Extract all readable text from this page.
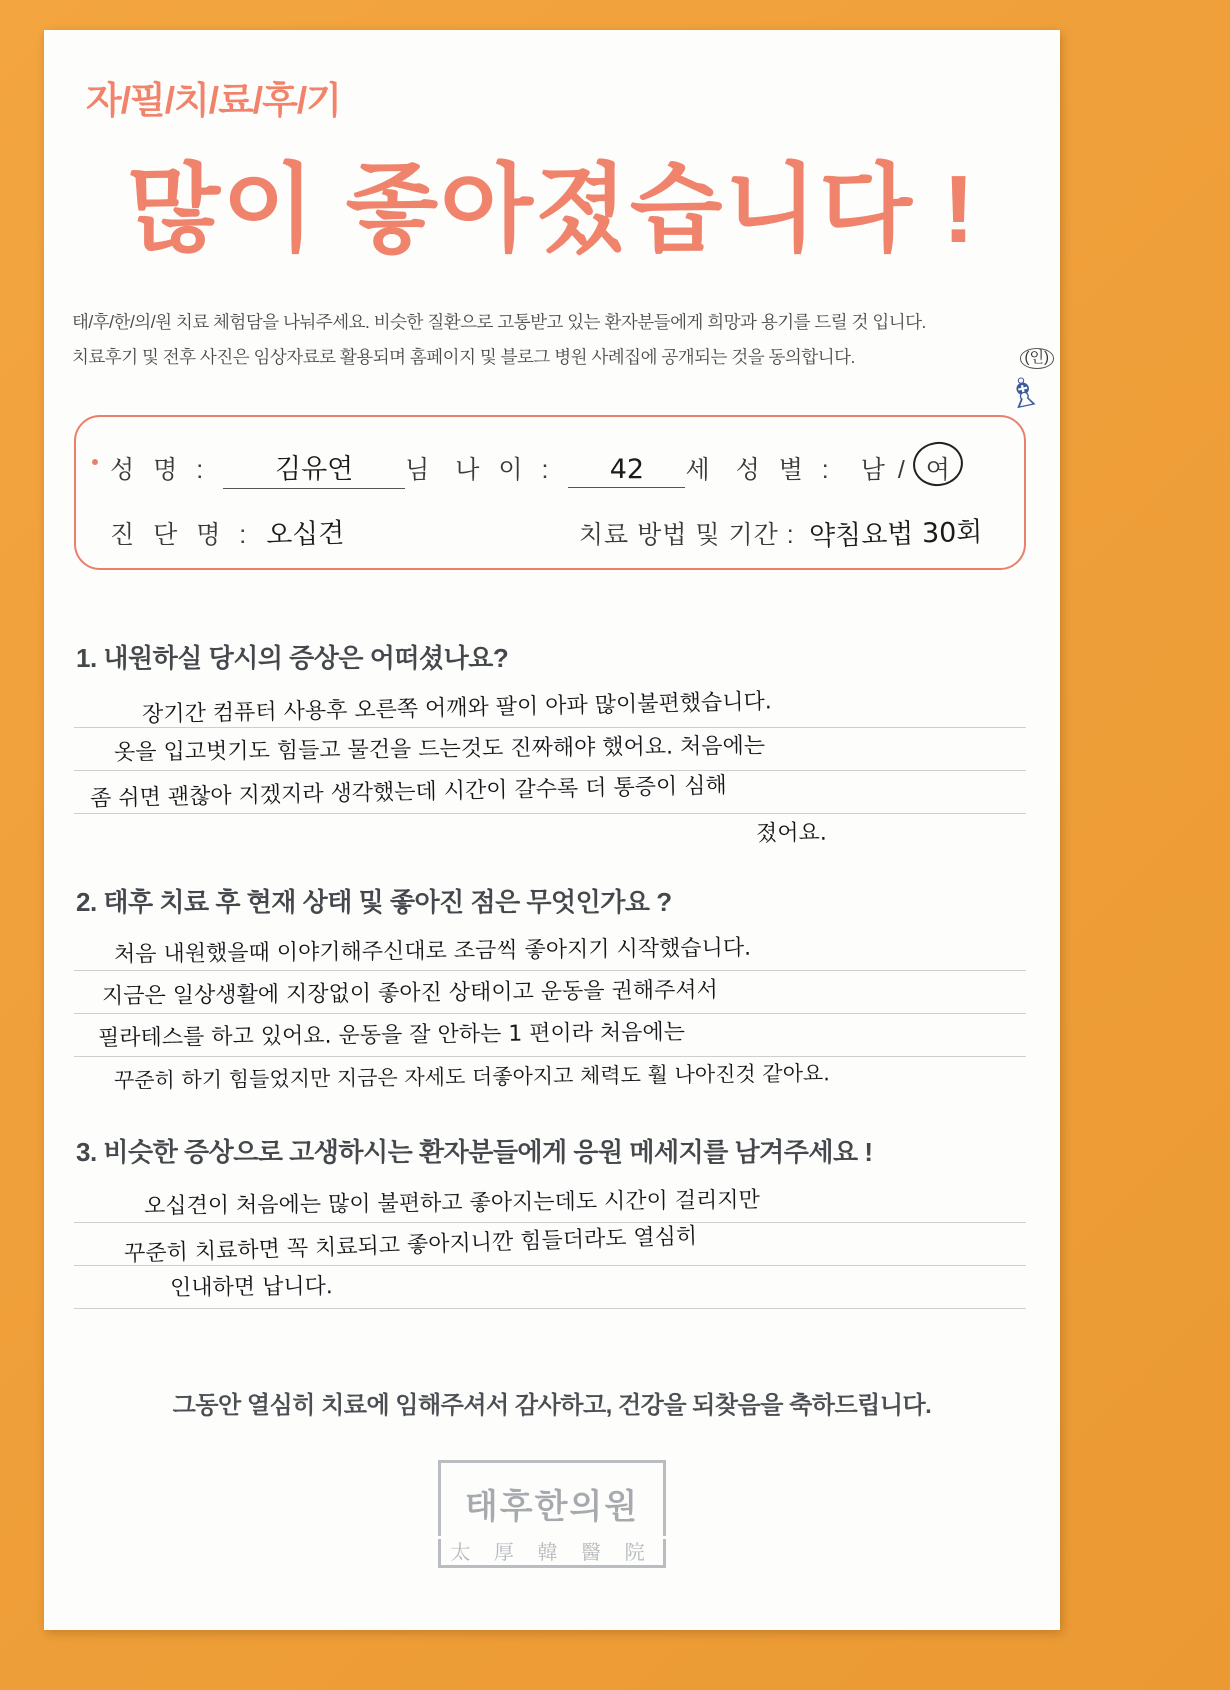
자/필/치/료/후/기
많이 좋아졌습니다 !
태/후/한/의/원 치료 체험담을 나눠주세요. 비슷한 질환으로 고통받고 있는 환자분들에게 희망과 용기를 드릴 것 입니다.
치료후기 및 전후 사진은 임상자료로 활용되며 홈페이지 및 블로그 병원 사례집에 공개되는 것을 동의합니다.	(인)
♗
성 명 :	김유연	님 나 이 :	42	세 성 별 : 남 / 여
진 단 명 : 오십견	치료 방법 및 기간 : 약침요법 30회
1. 내원하실 당시의 증상은 어떠셨나요?
장기간 컴퓨터 사용후 오른쪽 어깨와 팔이 아파 많이불편했습니다.
옷을 입고벗기도 힘들고 물건을 드는것도 진짜해야 했어요. 처음에는
좀 쉬면 괜찮아 지겠지라 생각했는데 시간이 갈수록 더 통증이 심해
졌어요.
2. 태후 치료 후 현재 상태 및 좋아진 점은 무엇인가요 ?
처음 내원했을때 이야기해주신대로 조금씩 좋아지기 시작했습니다.
지금은 일상생활에 지장없이 좋아진 상태이고 운동을 권해주셔서
필라테스를 하고 있어요. 운동을 잘 안하는 1 편이라 처음에는
꾸준히 하기 힘들었지만 지금은 자세도 더좋아지고 체력도 훨 나아진것 같아요.
3. 비슷한 증상으로 고생하시는 환자분들에게 응원 메세지를 남겨주세요 !
오십견이 처음에는 많이 불편하고 좋아지는데도 시간이 걸리지만
꾸준히 치료하면 꼭 치료되고 좋아지니깐 힘들더라도 열심히
인내하면 납니다.
그동안 열심히 치료에 임해주셔서 감사하고, 건강을 되찾음을 축하드립니다.
태후한의원
太 厚 韓 醫 院
